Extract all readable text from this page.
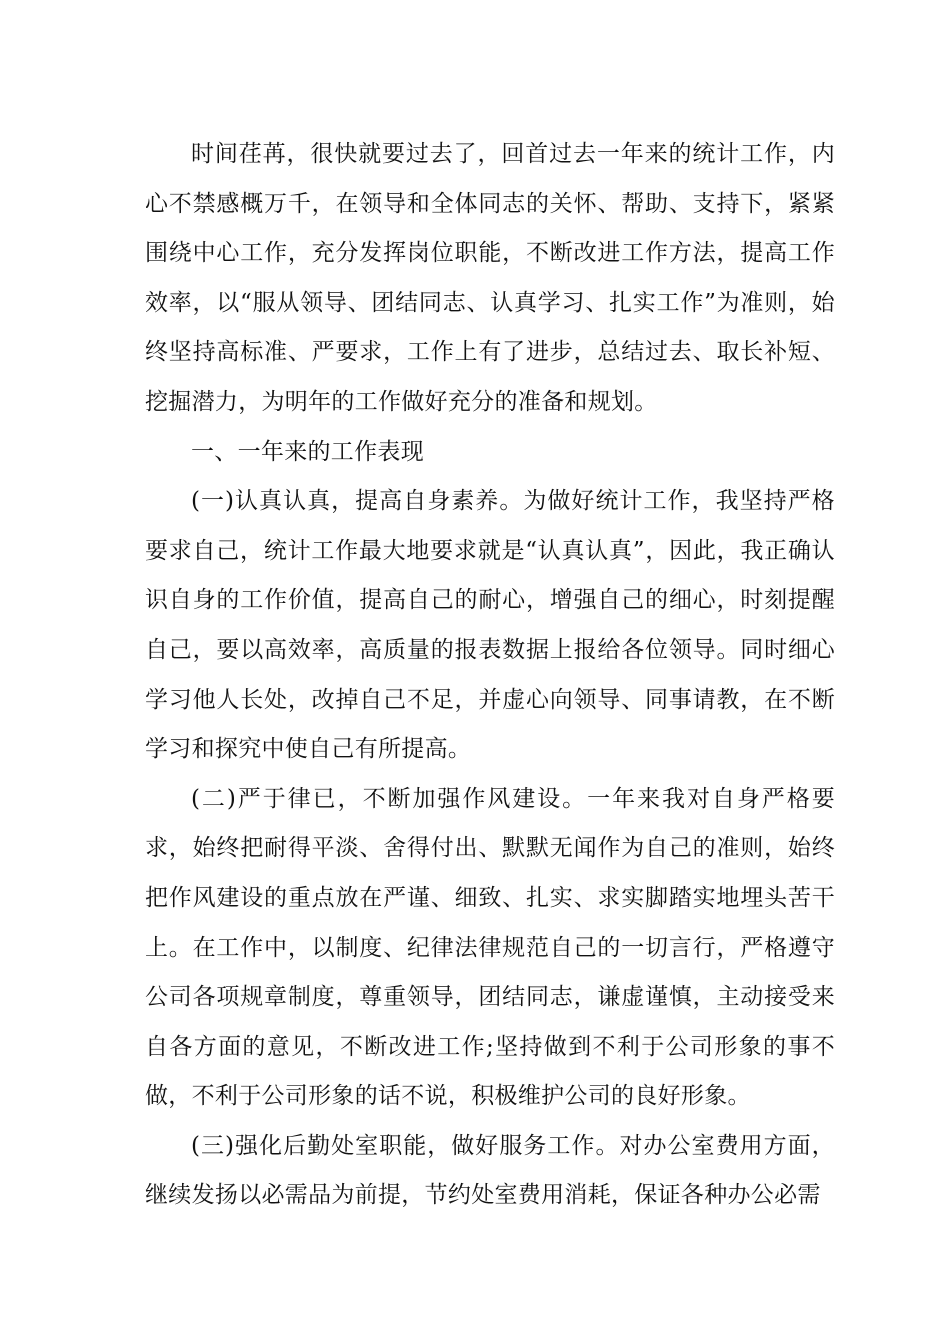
时间荏苒，很快就要过去了，回首过去一年来的统计工作，内心不禁感概万千，在领导和全体同志的关怀、帮助、支持下，紧紧围绕中心工作，充分发挥岗位职能，不断改进工作方法，提高工作效率，以“服从领导、团结同志、认真学习、扎实工作”为准则，始终坚持高标准、严要求，工作上有了进步，总结过去、取长补短、挖掘潜力，为明年的工作做好充分的准备和规划。

一、一年来的工作表现

(一)认真认真，提高自身素养。为做好统计工作，我坚持严格要求自己，统计工作最大地要求就是“认真认真”，因此，我正确认识自身的工作价值，提高自己的耐心，增强自己的细心，时刻提醒自己，要以高效率，高质量的报表数据上报给各位领导。同时细心学习他人长处，改掉自己不足，并虚心向领导、同事请教，在不断学习和探究中使自己有所提高。

(二)严于律已，不断加强作风建设。一年来我对自身严格要求，始终把耐得平淡、舍得付出、默默无闻作为自己的准则，始终把作风建设的重点放在严谨、细致、扎实、求实脚踏实地埋头苦干上。在工作中，以制度、纪律法律规范自己的一切言行，严格遵守公司各项规章制度，尊重领导，团结同志，谦虚谨慎，主动接受来自各方面的意见，不断改进工作;坚持做到不利于公司形象的事不做，不利于公司形象的话不说，积极维护公司的良好形象。

(三)强化后勤处室职能，做好服务工作。对办公室费用方面，继续发扬以必需品为前提，节约处室费用消耗，保证各种办公必需
